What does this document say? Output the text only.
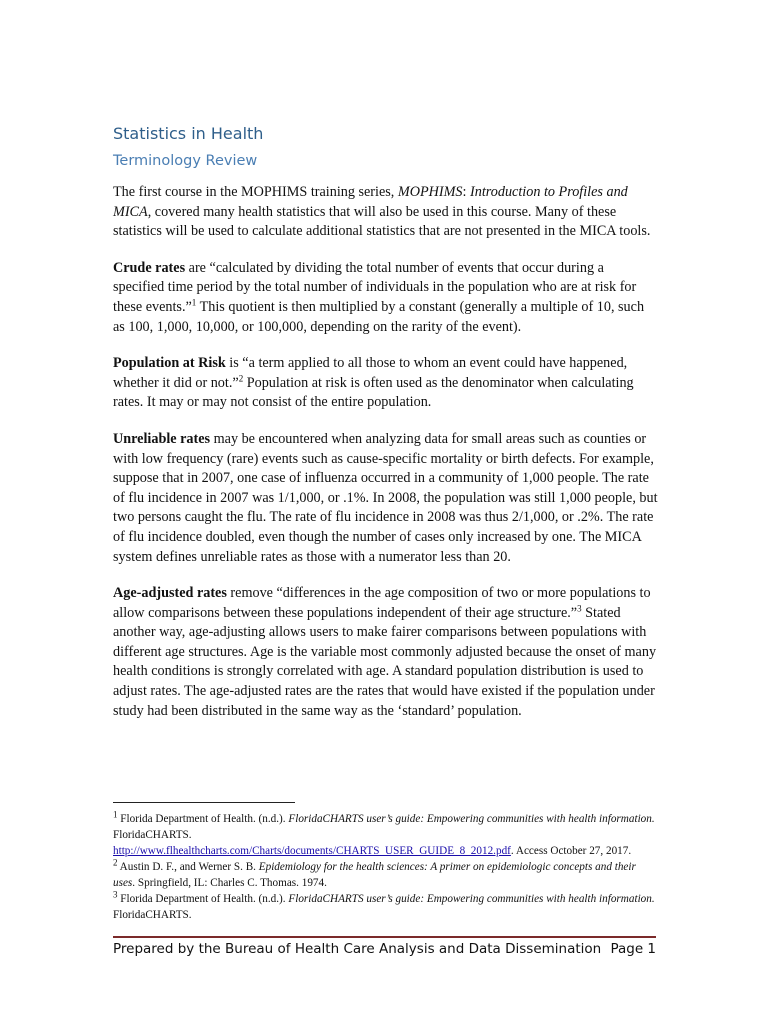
Statistics in Health
Terminology Review

The first course in the MOPHIMS training series, MOPHIMS: Introduction to Profiles and MICA, covered many health statistics that will also be used in this course. Many of these statistics will be used to calculate additional statistics that are not presented in the MICA tools.

Crude rates are “calculated by dividing the total number of events that occur during a specified time period by the total number of individuals in the population who are at risk for these events.”$^1$ This quotient is then multiplied by a constant (generally a multiple of 10, such as 100, 1,000, 10,000, or 100,000, depending on the rarity of the event).

Population at Risk is “a term applied to all those to whom an event could have happened, whether it did or not.”$^2$ Population at risk is often used as the denominator when calculating rates. It may or may not consist of the entire population.

Unreliable rates may be encountered when analyzing data for small areas such as counties or with low frequency (rare) events such as cause-specific mortality or birth defects. For example, suppose that in 2007, one case of influenza occurred in a community of 1,000 people. The rate of flu incidence in 2007 was 1/1,000, or .1%. In 2008, the population was still 1,000 people, but two persons caught the flu. The rate of flu incidence in 2008 was thus 2/1,000, or .2%. The rate of flu incidence doubled, even though the number of cases only increased by one. The MICA system defines unreliable rates as those with a numerator less than 20.

Age-adjusted rates remove “differences in the age composition of two or more populations to allow comparisons between these populations independent of their age structure.”$^3$ Stated another way, age-adjusting allows users to make fairer comparisons between populations with different age structures. Age is the variable most commonly adjusted because the onset of many health conditions is strongly correlated with age. A standard population distribution is used to adjust rates. The age-adjusted rates are the rates that would have existed if the population under study had been distributed in the same way as the ‘standard’ population.

$^1$ Florida Department of Health. (n.d.). FloridaCHARTS user’s guide: Empowering communities with health information. FloridaCHARTS.
http://www.flhealthcharts.com/Charts/documents/CHARTS_USER_GUIDE_8_2012.pdf. Access October 27, 2017.
$^2$ Austin D. F., and Werner S. B. Epidemiology for the health sciences: A primer on epidemiologic concepts and their uses. Springfield, IL: Charles C. Thomas. 1974.
$^3$ Florida Department of Health. (n.d.). FloridaCHARTS user’s guide: Empowering communities with health information. FloridaCHARTS.
Prepared by the Bureau of Health Care Analysis and Data Dissemination Page 1
